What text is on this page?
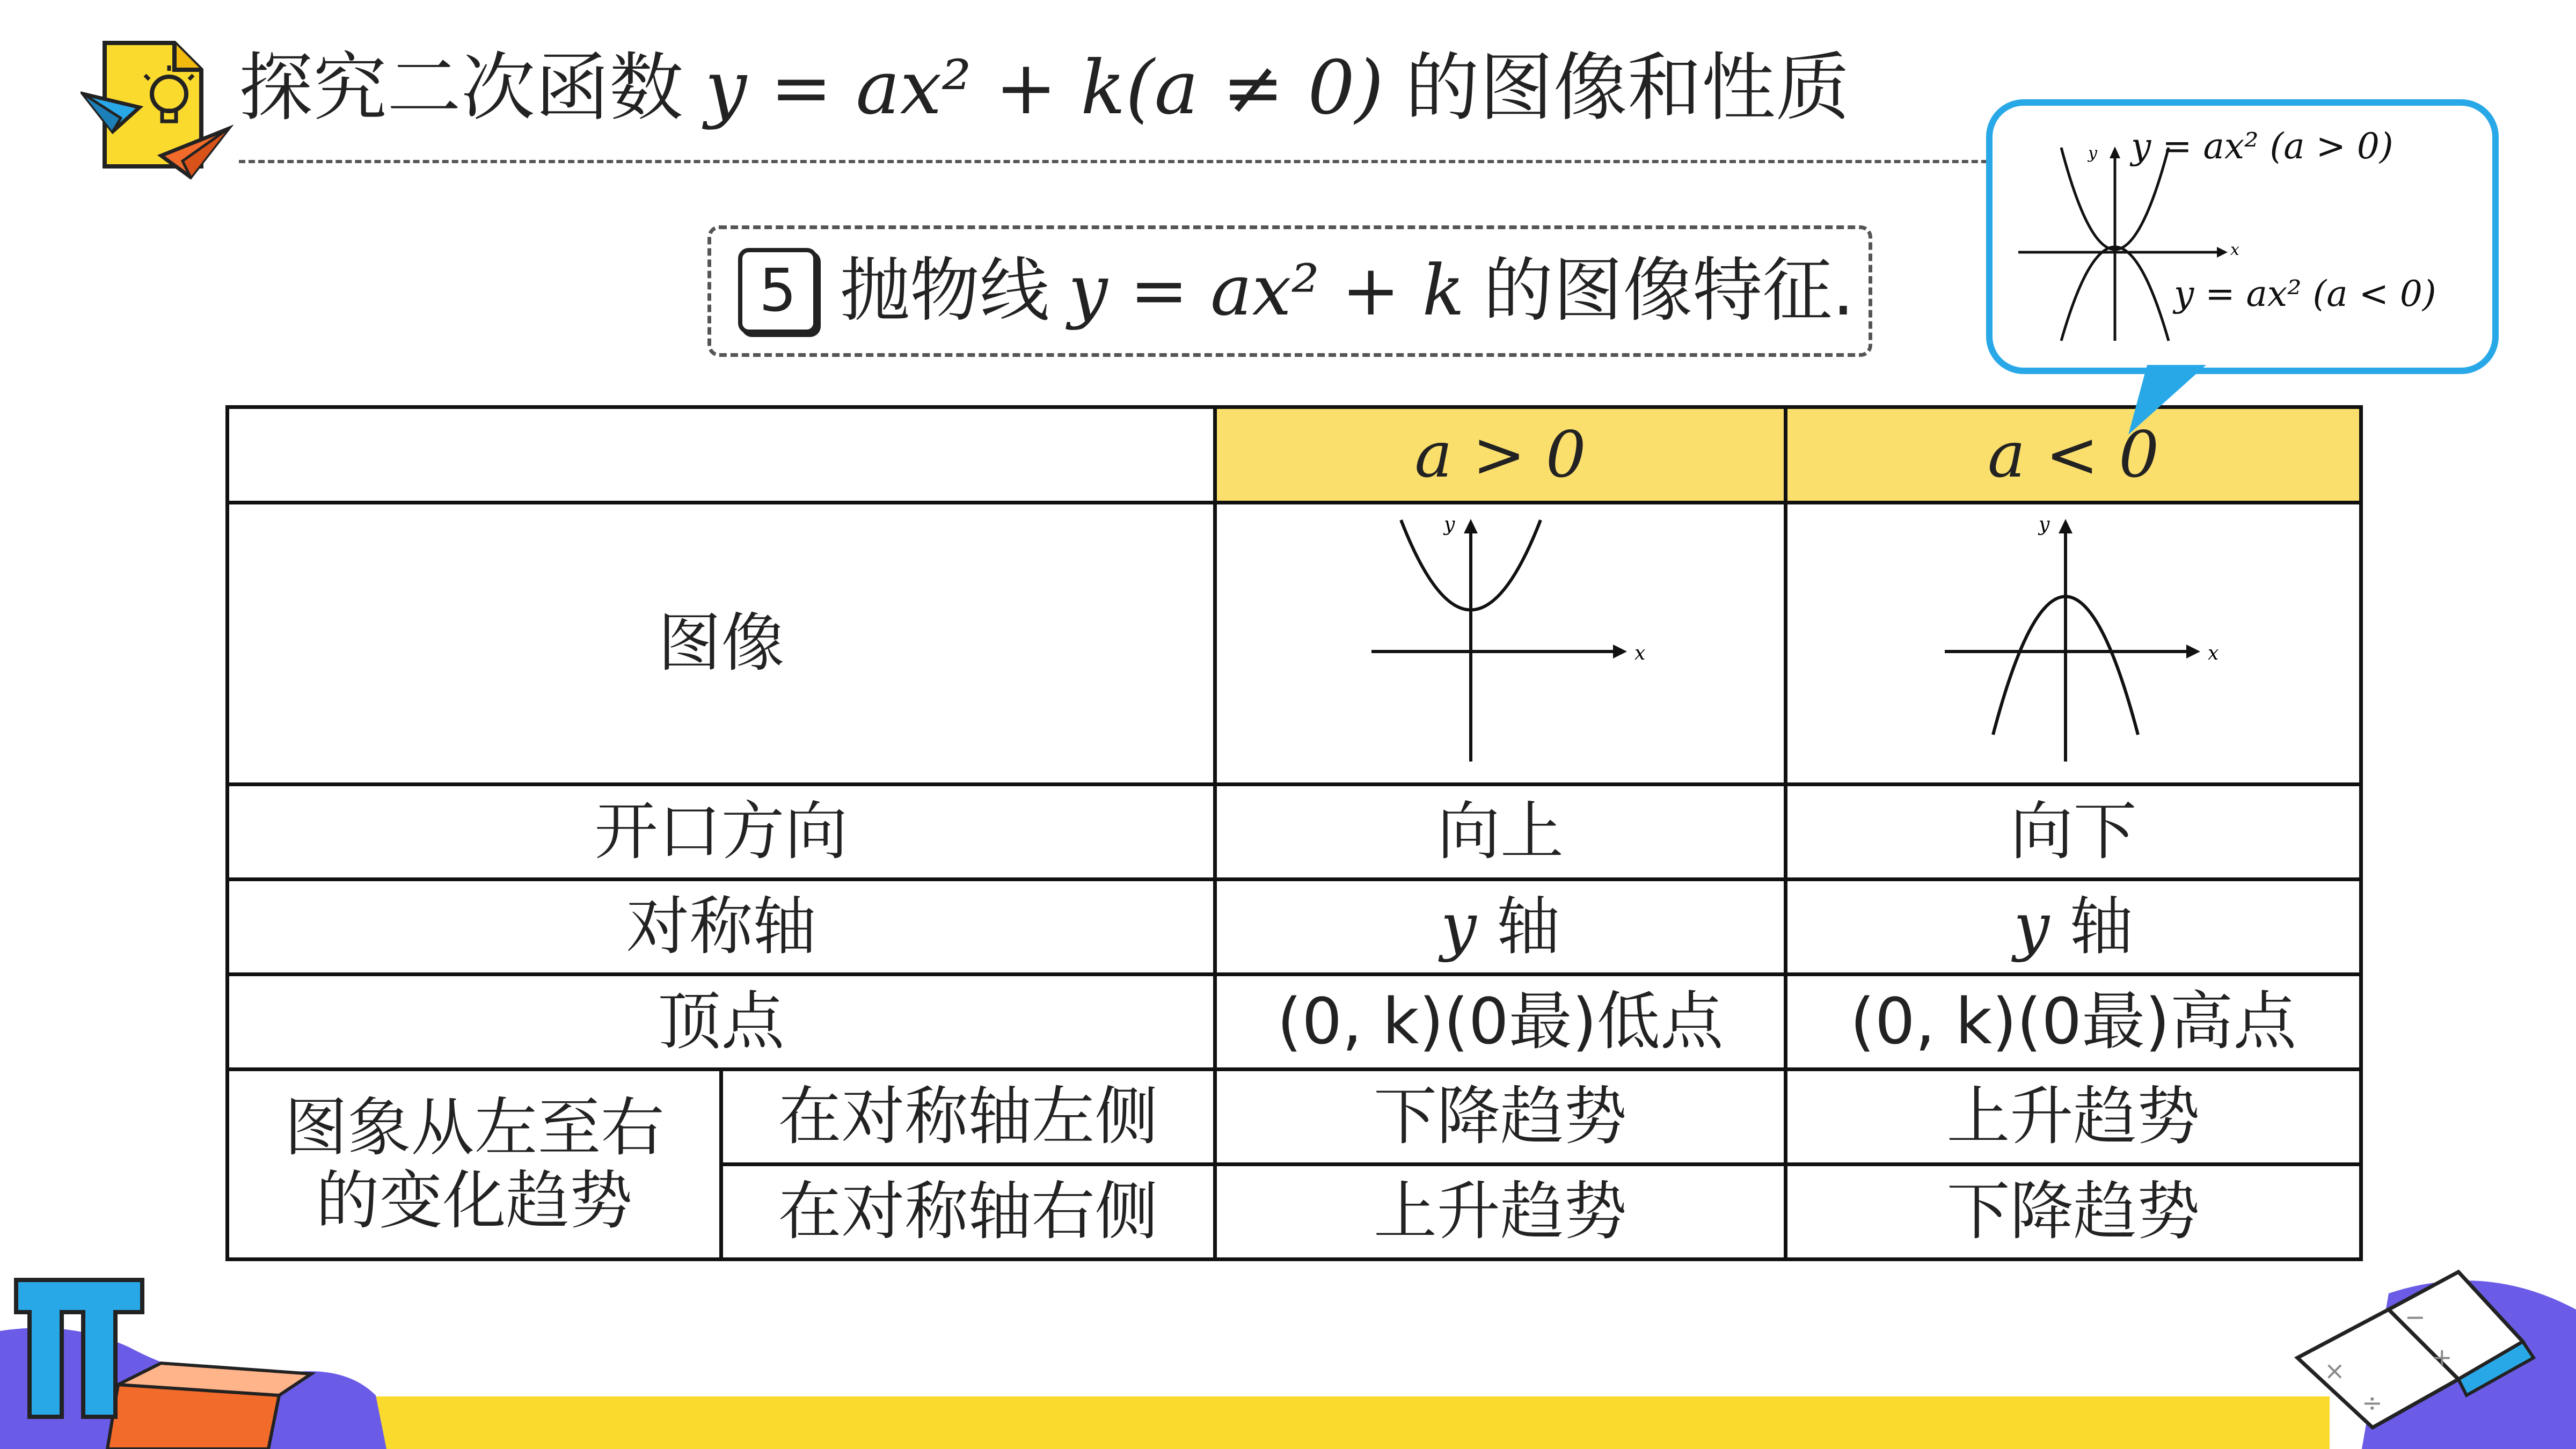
探究二次函数 y = ax² + k(a ≠ 0) 的图像和性质
5 抛物线 y = ax² + k 的图像特征.
		a > 0	a < 0
图像		x
y	x
y

开口方向		向上	向下
对称轴		y 轴	y 轴
顶点		(0, k)(0最)低点	(0, k)(0最)高点
图象从左至右
的变化趋势	在对称轴左侧	下降趋势	上升趋势
	在对称轴右侧	上升趋势	下降趋势
x
y y = ax² (a > 0)
y = ax² (a < 0)
−
+
×
÷
